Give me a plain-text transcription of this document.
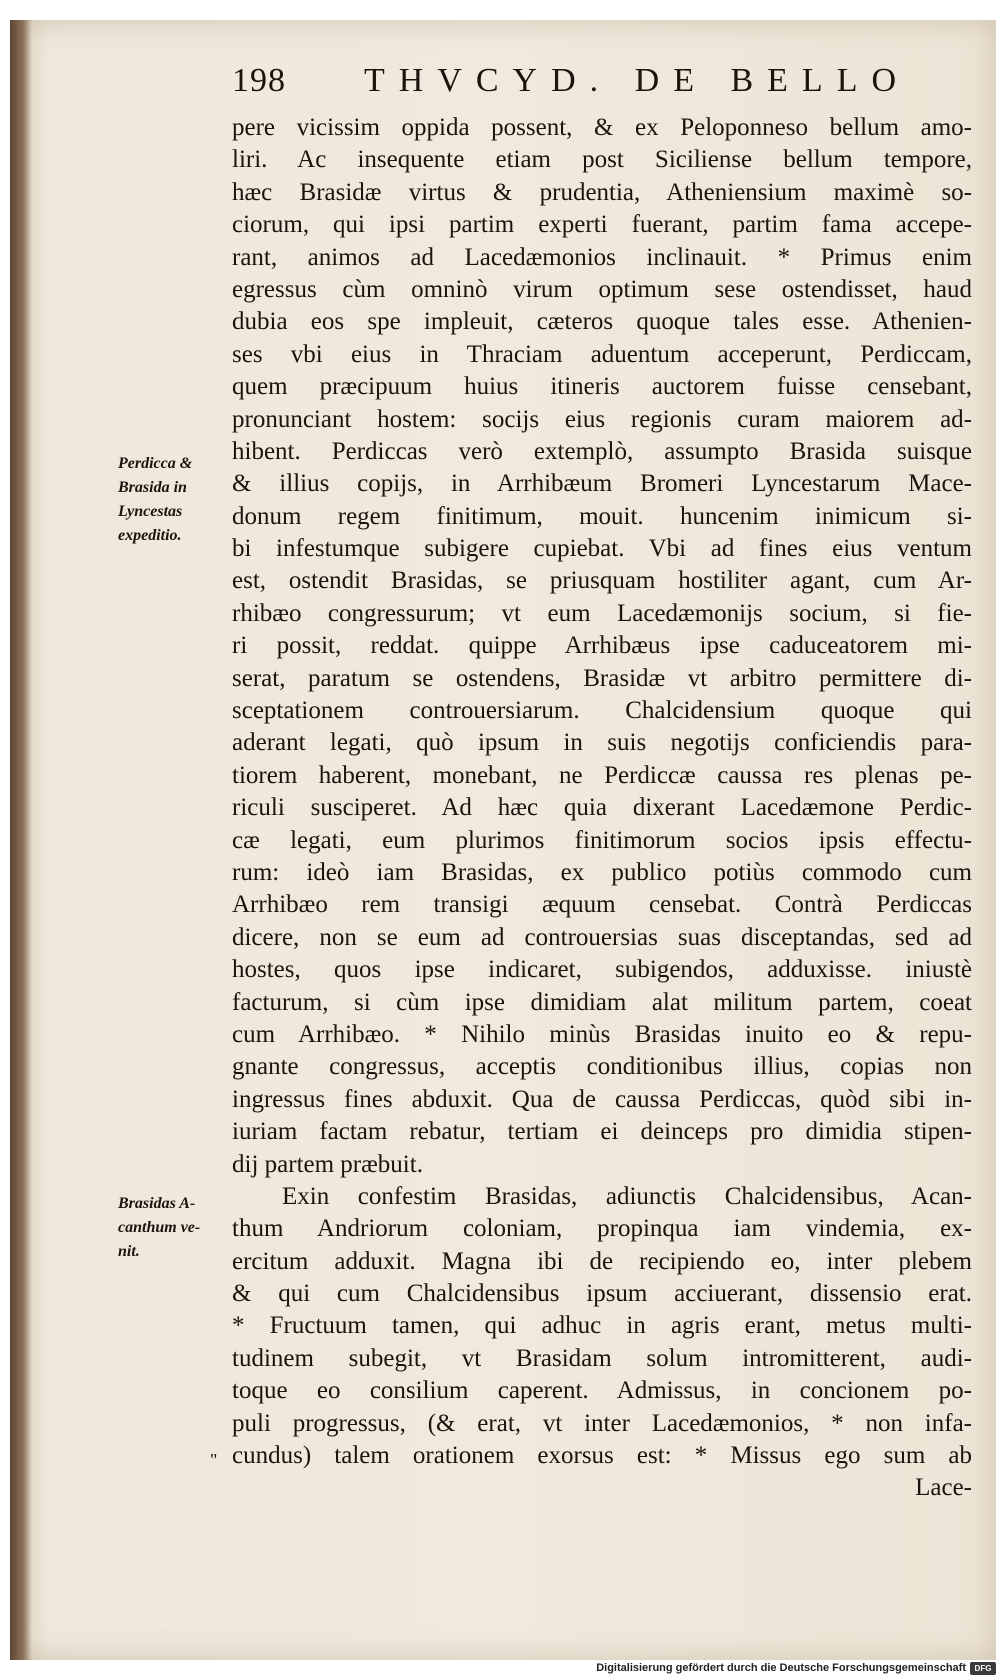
198 THVCYD. DE BELLO
Perdicca &
Brasida in
Lyncestas
expeditio.
Brasidas A-
canthum ve-
nit.
"
pere vicissim oppida possent, & ex Peloponneso bellum amo-
liri. Ac insequente etiam post Siciliense bellum tempore,
hæc Brasidæ virtus & prudentia, Atheniensium maximè so-
ciorum, qui ipsi partim experti fuerant, partim fama accepe-
rant, animos ad Lacedæmonios inclinauit. * Primus enim
egressus cùm omninò virum optimum sese ostendisset, haud
dubia eos spe impleuit, cæteros quoque tales esse. Athenien-
ses vbi eius in Thraciam aduentum acceperunt, Perdiccam,
quem præcipuum huius itineris auctorem fuisse censebant,
pronunciant hostem: socijs eius regionis curam maiorem ad-
hibent. Perdiccas verò extemplò, assumpto Brasida suisque
& illius copijs, in Arrhibæum Bromeri Lyncestarum Mace-
donum regem finitimum, mouit. huncenim inimicum si-
bi infestumque subigere cupiebat. Vbi ad fines eius ventum
est, ostendit Brasidas, se priusquam hostiliter agant, cum Ar-
rhibæo congressurum; vt eum Lacedæmonijs socium, si fie-
ri possit, reddat. quippe Arrhibæus ipse caduceatorem mi-
serat, paratum se ostendens, Brasidæ vt arbitro permittere di-
sceptationem controuersiarum. Chalcidensium quoque qui
aderant legati, quò ipsum in suis negotijs conficiendis para-
tiorem haberent, monebant, ne Perdiccæ caussa res plenas pe-
riculi susciperet. Ad hæc quia dixerant Lacedæmone Perdic-
cæ legati, eum plurimos finitimorum socios ipsis effectu-
rum: ideò iam Brasidas, ex publico potiùs commodo cum
Arrhibæo rem transigi æquum censebat. Contrà Perdiccas
dicere, non se eum ad controuersias suas disceptandas, sed ad
hostes, quos ipse indicaret, subigendos, adduxisse. iniustè
facturum, si cùm ipse dimidiam alat militum partem, coeat
cum Arrhibæo. * Nihilo minùs Brasidas inuito eo & repu-
gnante congressus, acceptis conditionibus illius, copias non
ingressus fines abduxit. Qua de caussa Perdiccas, quòd sibi in-
iuriam factam rebatur, tertiam ei deinceps pro dimidia stipen-
dij partem præbuit.
Exin confestim Brasidas, adiunctis Chalcidensibus, Acan-
thum Andriorum coloniam, propinqua iam vindemia, ex-
ercitum adduxit. Magna ibi de recipiendo eo, inter plebem
& qui cum Chalcidensibus ipsum acciuerant, dissensio erat.
* Fructuum tamen, qui adhuc in agris erant, metus multi-
tudinem subegit, vt Brasidam solum intromitterent, audi-
toque eo consilium caperent. Admissus, in concionem po-
puli progressus, (& erat, vt inter Lacedæmonios, * non infa-
cundus) talem orationem exorsus est: * Missus ego sum ab
Lace-
Digitalisierung gefördert durch die Deutsche Forschungsgemeinschaft	DFG
